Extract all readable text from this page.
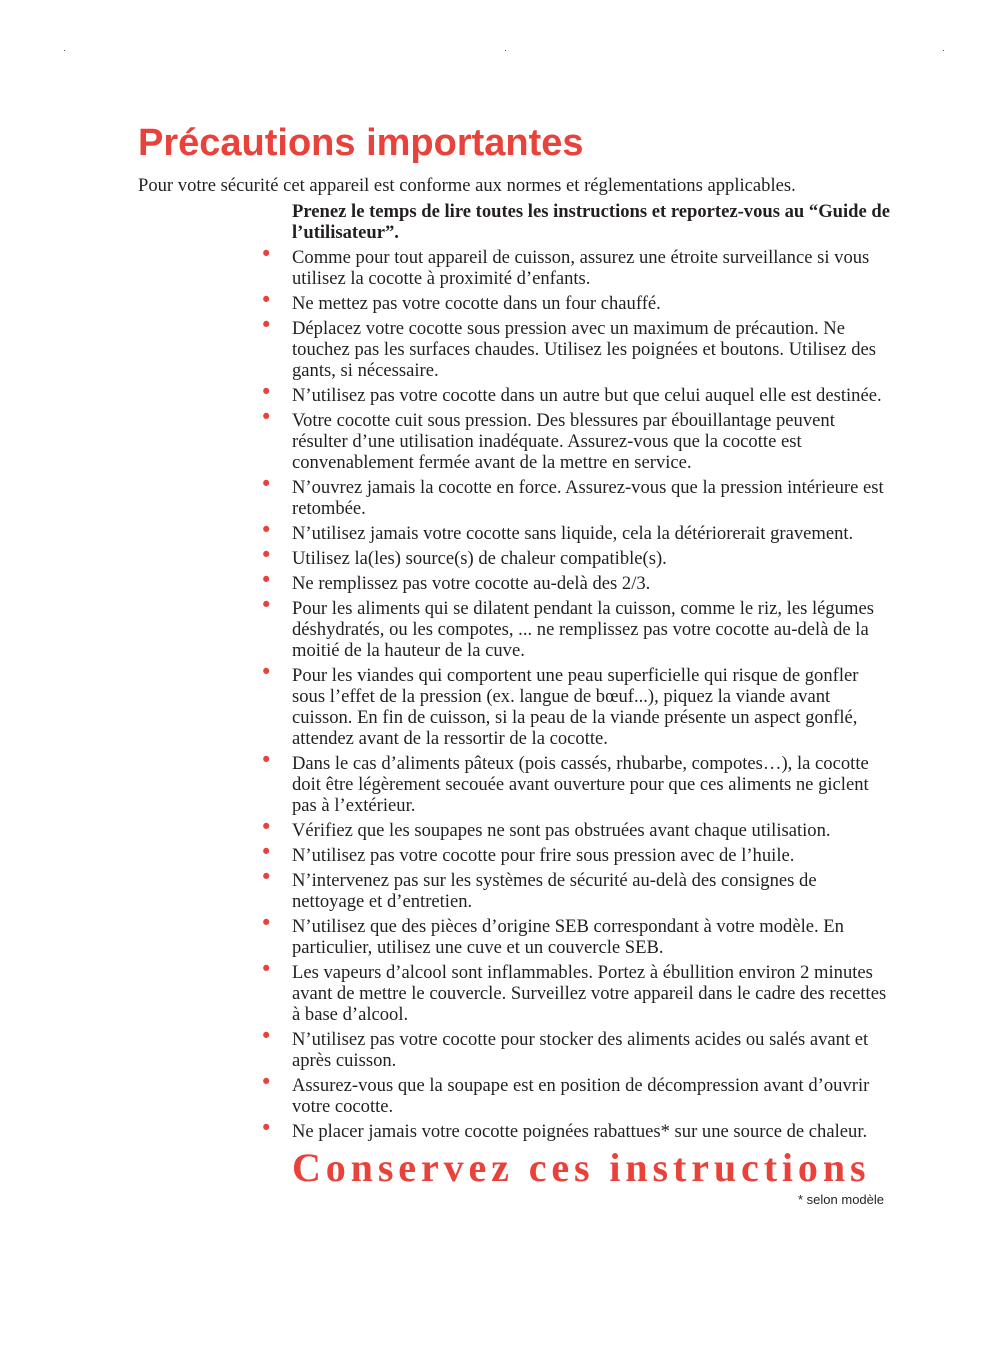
Précautions importantes

Pour votre sécurité cet appareil est conforme aux normes et réglementations applicables.

Prenez le temps de lire toutes les instructions et reportez-vous au “Guide de l’utilisateur”.

• Comme pour tout appareil de cuisson, assurez une étroite surveillance si vous utilisez la cocotte à proximité d’enfants.
• Ne mettez pas votre cocotte dans un four chauffé.
• Déplacez votre cocotte sous pression avec un maximum de précaution. Ne touchez pas les surfaces chaudes. Utilisez les poignées et boutons. Utilisez des gants, si nécessaire.
• N’utilisez pas votre cocotte dans un autre but que celui auquel elle est destinée.
• Votre cocotte cuit sous pression. Des blessures par ébouillantage peuvent résulter d’une utilisation inadéquate. Assurez-vous que la cocotte est convenablement fermée avant de la mettre en service.
• N’ouvrez jamais la cocotte en force. Assurez-vous que la pression intérieure est retombée.
• N’utilisez jamais votre cocotte sans liquide, cela la détériorerait gravement.
• Utilisez la(les) source(s) de chaleur compatible(s).
• Ne remplissez pas votre cocotte au-delà des 2/3.
• Pour les aliments qui se dilatent pendant la cuisson, comme le riz, les légumes déshydratés, ou les compotes, ... ne remplissez pas votre cocotte au-delà de la moitié de la hauteur de la cuve.
• Pour les viandes qui comportent une peau superficielle qui risque de gonfler sous l’effet de la pression (ex. langue de bœuf...), piquez la viande avant cuisson. En fin de cuisson, si la peau de la viande présente un aspect gonflé, attendez avant de la ressortir de la cocotte.
• Dans le cas d’aliments pâteux (pois cassés, rhubarbe, compotes…), la cocotte doit être légèrement secouée avant ouverture pour que ces aliments ne giclent pas à l’extérieur.
• Vérifiez que les soupapes ne sont pas obstruées avant chaque utilisation.
• N’utilisez pas votre cocotte pour frire sous pression avec de l’huile.
• N’intervenez pas sur les systèmes de sécurité au-delà des consignes de nettoyage et d’entretien.
• N’utilisez que des pièces d’origine SEB correspondant à votre modèle. En particulier, utilisez une cuve et un couvercle SEB.
• Les vapeurs d’alcool sont inflammables. Portez à ébullition environ 2 minutes avant de mettre le couvercle. Surveillez votre appareil dans le cadre des recettes à base d’alcool.
• N’utilisez pas votre cocotte pour stocker des aliments acides ou salés avant et après cuisson.
• Assurez-vous que la soupape est en position de décompression avant d’ouvrir votre cocotte.
• Ne placer jamais votre cocotte poignées rabattues* sur une source de chaleur.

Conservez ces instructions

* selon modèle
